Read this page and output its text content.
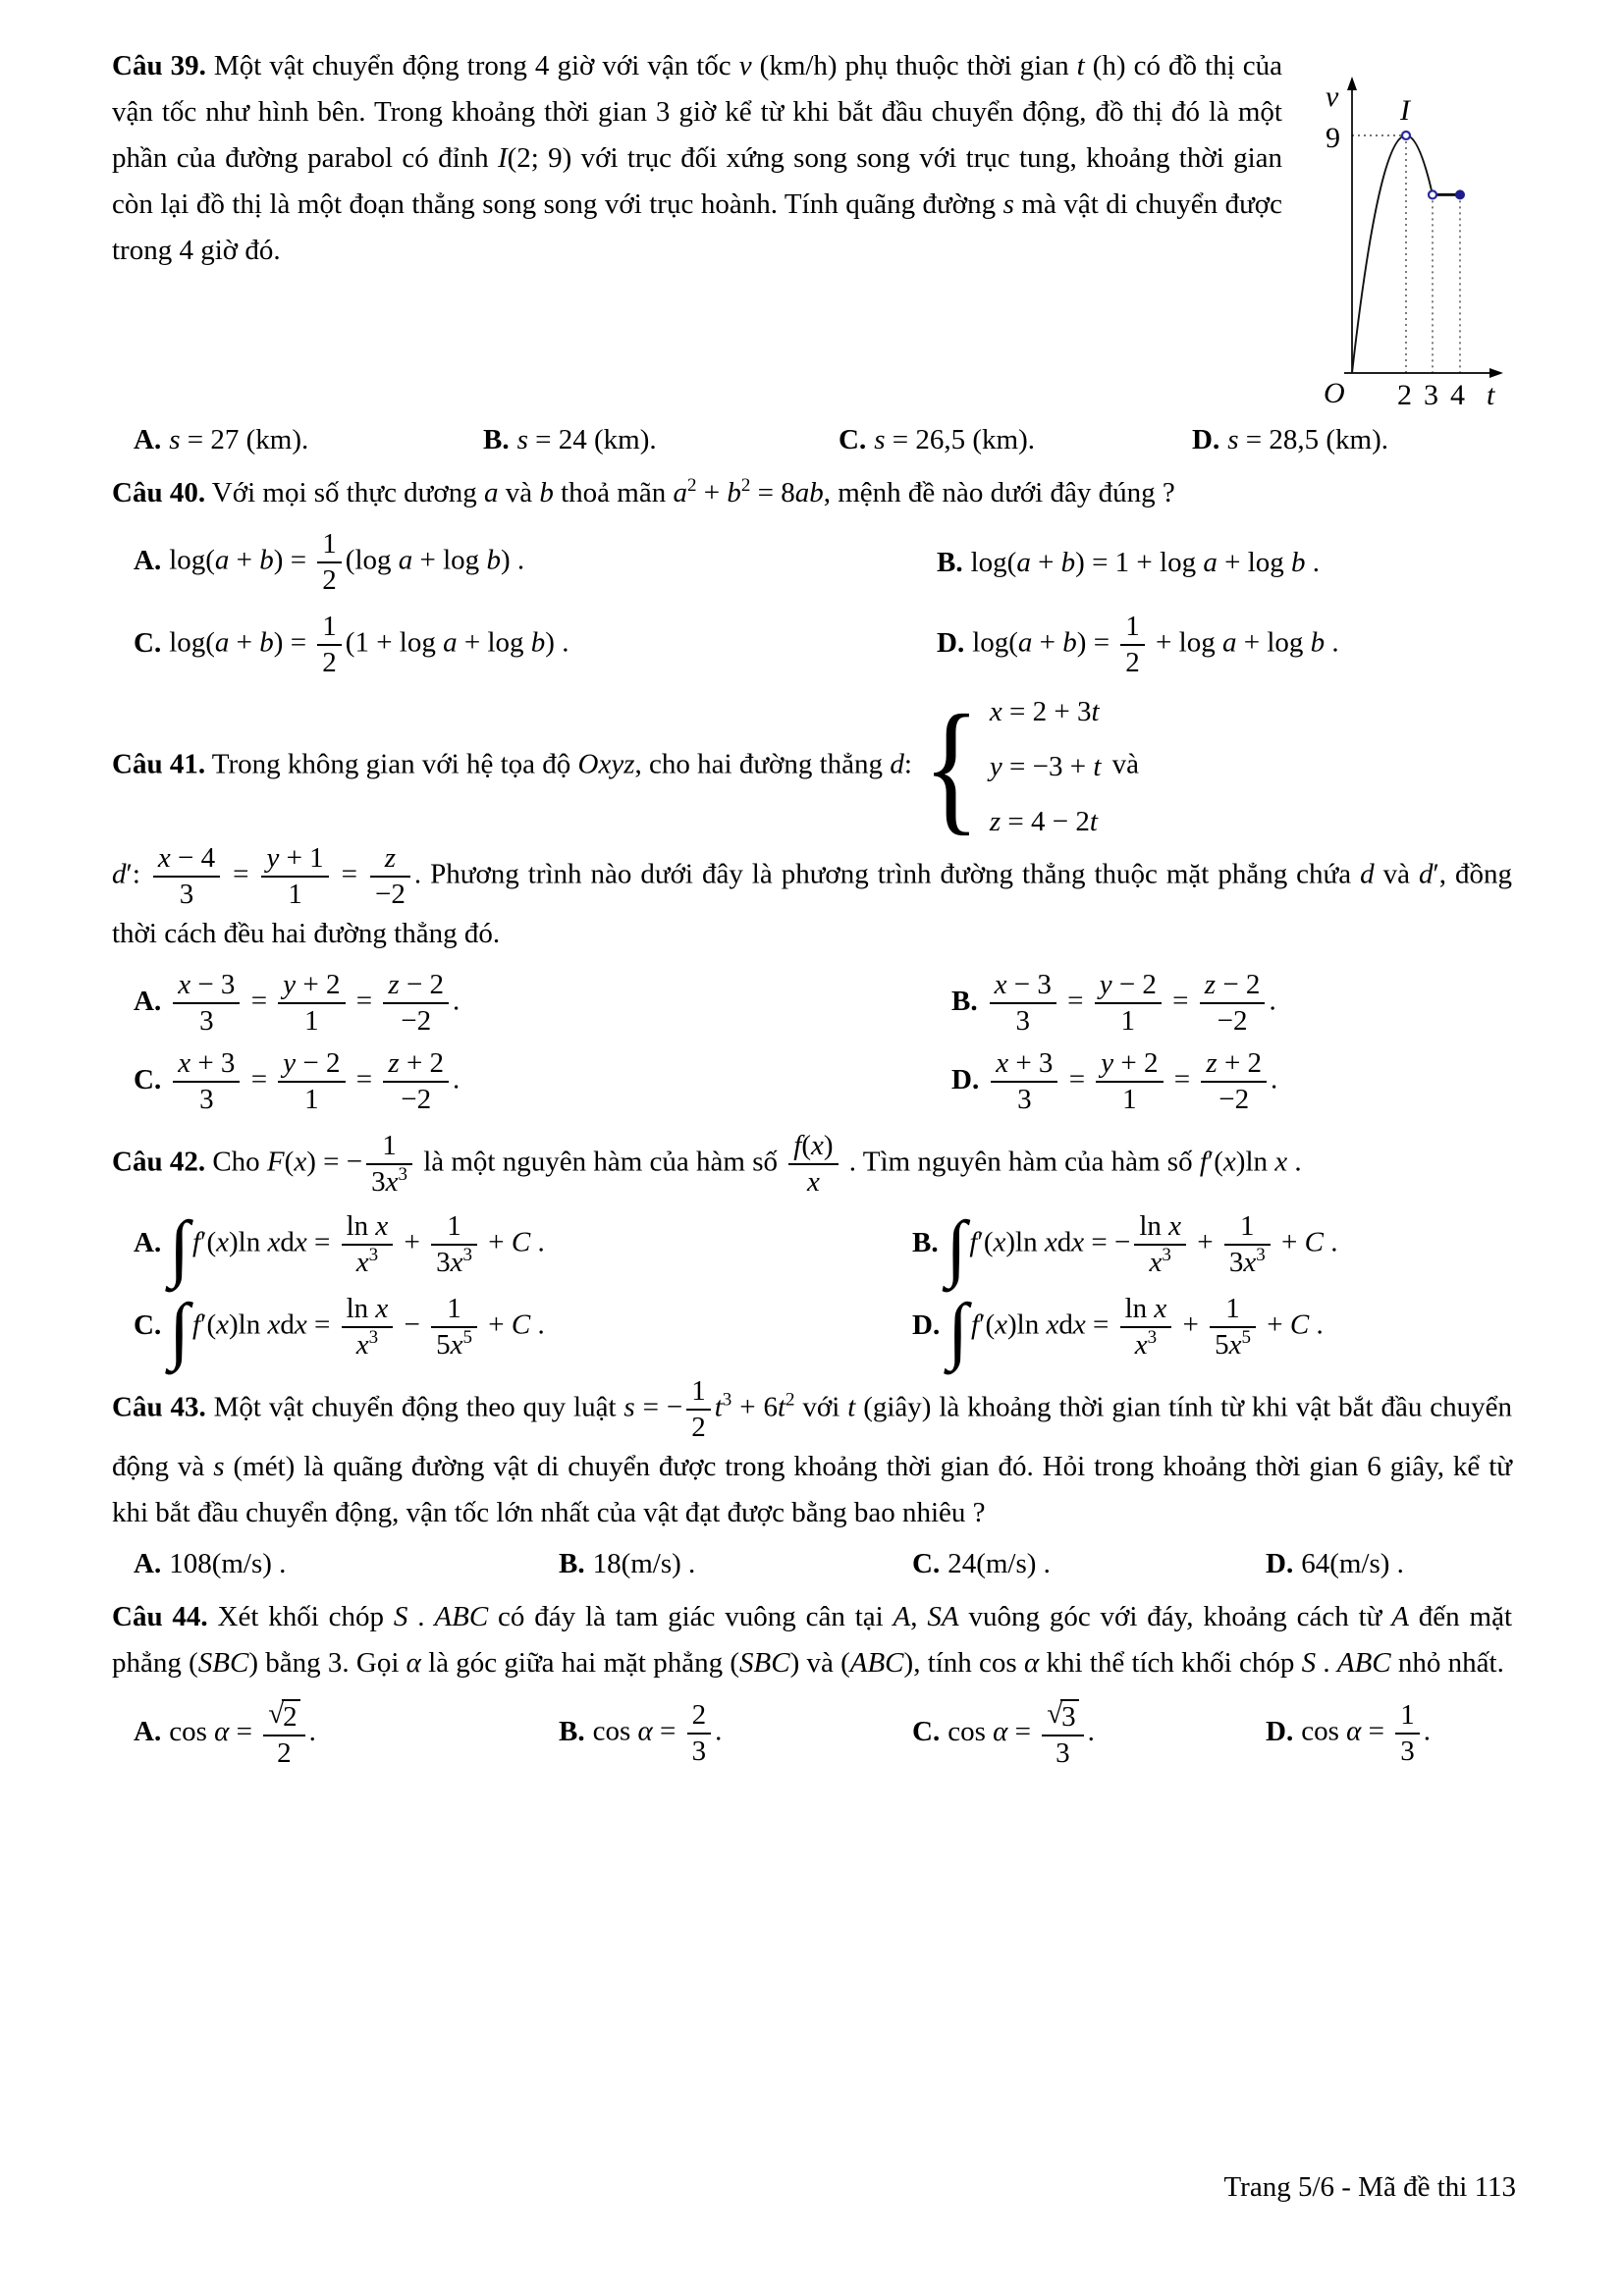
v
9
I
O 2 3 4 t

Câu 39. Một vật chuyển động trong 4 giờ với vận tốc v (km/h) phụ thuộc thời gian t (h) có đồ thị của vận tốc như hình bên. Trong khoảng thời gian 3 giờ kể từ khi bắt đầu chuyển động, đồ thị đó là một phần của đường parabol có đỉnh I(2; 9) với trục đối xứng song song với trục tung, khoảng thời gian còn lại đồ thị là một đoạn thẳng song song với trục hoành. Tính quãng đường s mà vật di chuyển được trong 4 giờ đó.

A. s = 27 (km).	B. s = 24 (km).	C. s = 26,5 (km).	D. s = 28,5 (km).

Câu 40. Với mọi số thực dương a và b thoả mãn $a^2 + b^2 = 8ab$, mệnh đề nào dưới đây đúng ?

A. $\log(a + b) = \frac{1}{2} (\log$ a + log b) .	B. log(a + b) = 1 + log a + log b .
C. $\log(a + b) = \frac{1}{2} (1 + \log a + \log b)$ .	D. $\log(a + b) = \frac{1}{2} + \log a + \log b$ .

Câu 41. Trong không gian với hệ tọa độ Oxyz, cho hai đường thẳng d: { x = 2 + 3t
y = −3 + t
z = 4 − 2t
và

d′: $\frac{x - 4}{3} = \frac{y + 1}{1} = \frac{z}{-2}$ . Phương trình nào dưới đây là phương trình đường thẳng thuộc mặt phẳng chứa d và d′, đồng thời cách đều hai đường thẳng đó.

A. $\frac{x - 3}{3} = \frac{y + 2}{1} = \frac{z - 2}{-2}$ .	B. $\frac{x - 3}{3} = \frac{y - 2}{1} = \frac{z - 2}{-2}$ .
C. $\frac{x + 3}{3} = \frac{y - 2}{1} = \frac{z + 2}{-2}$ .	D. $\frac{x + 3}{3} = \frac{y + 2}{1} = \frac{z + 2}{-2}$ .

Câu 42. Cho F(x) = − $\frac{1}{3x^3}$ là một nguyên hàm của hàm số $\frac{f(x)}{x}$ . Tìm nguyên hàm của hàm số f′(x)ln x .

A. ∫ f′(x)ln xdx = $\frac{\text{ln x}}{x^3} + \frac{1}{3x^3} + C$ .	B. ∫ f′(x)ln xdx = − $\frac{\text{ln x}}{x^3} + \frac{1}{3x^3} + C$ .
C. ∫ f′(x)ln xdx = $\frac{\text{ln x}}{x^3} - \frac{1}{5x^5} + C$ .	D. ∫ f′(x)ln xdx = $\frac{\text{ln x}}{x^3} + \frac{1}{5x^5} + C$ .

Câu 43. Một vật chuyển động theo quy luật s = − $\frac{1}{2} t^3 + 6t^2$ với t (giây) là khoảng thời gian tính từ khi vật bắt đầu chuyển động và s (mét) là quãng đường vật di chuyển được trong khoảng thời gian đó. Hỏi trong khoảng thời gian 6 giây, kể từ khi bắt đầu chuyển động, vận tốc lớn nhất của vật đạt được bằng bao nhiêu ?

A. 108(m/s) .	B. 18(m/s) .	C. 24(m/s) .	D. 64(m/s) .

Câu 44. Xét khối chóp S . ABC có đáy là tam giác vuông cân tại A, SA vuông góc với đáy, khoảng cách từ A đến mặt phẳng (SBC) bằng 3. Gọi α là góc giữa hai mặt phẳng (SBC) và (ABC), tính cos α khi thể tích khối chóp S . ABC nhỏ nhất.

A. $\cos \alpha = \frac{√ 2}{2}$ .	B. $\cos \alpha = \frac{2}{3}$ .	C. $\cos \alpha = \frac{√ 3}{3}$ .	D. $\cos \alpha = \frac{1}{3}$ .
Trang 5/6 - Mã đề thi 113
